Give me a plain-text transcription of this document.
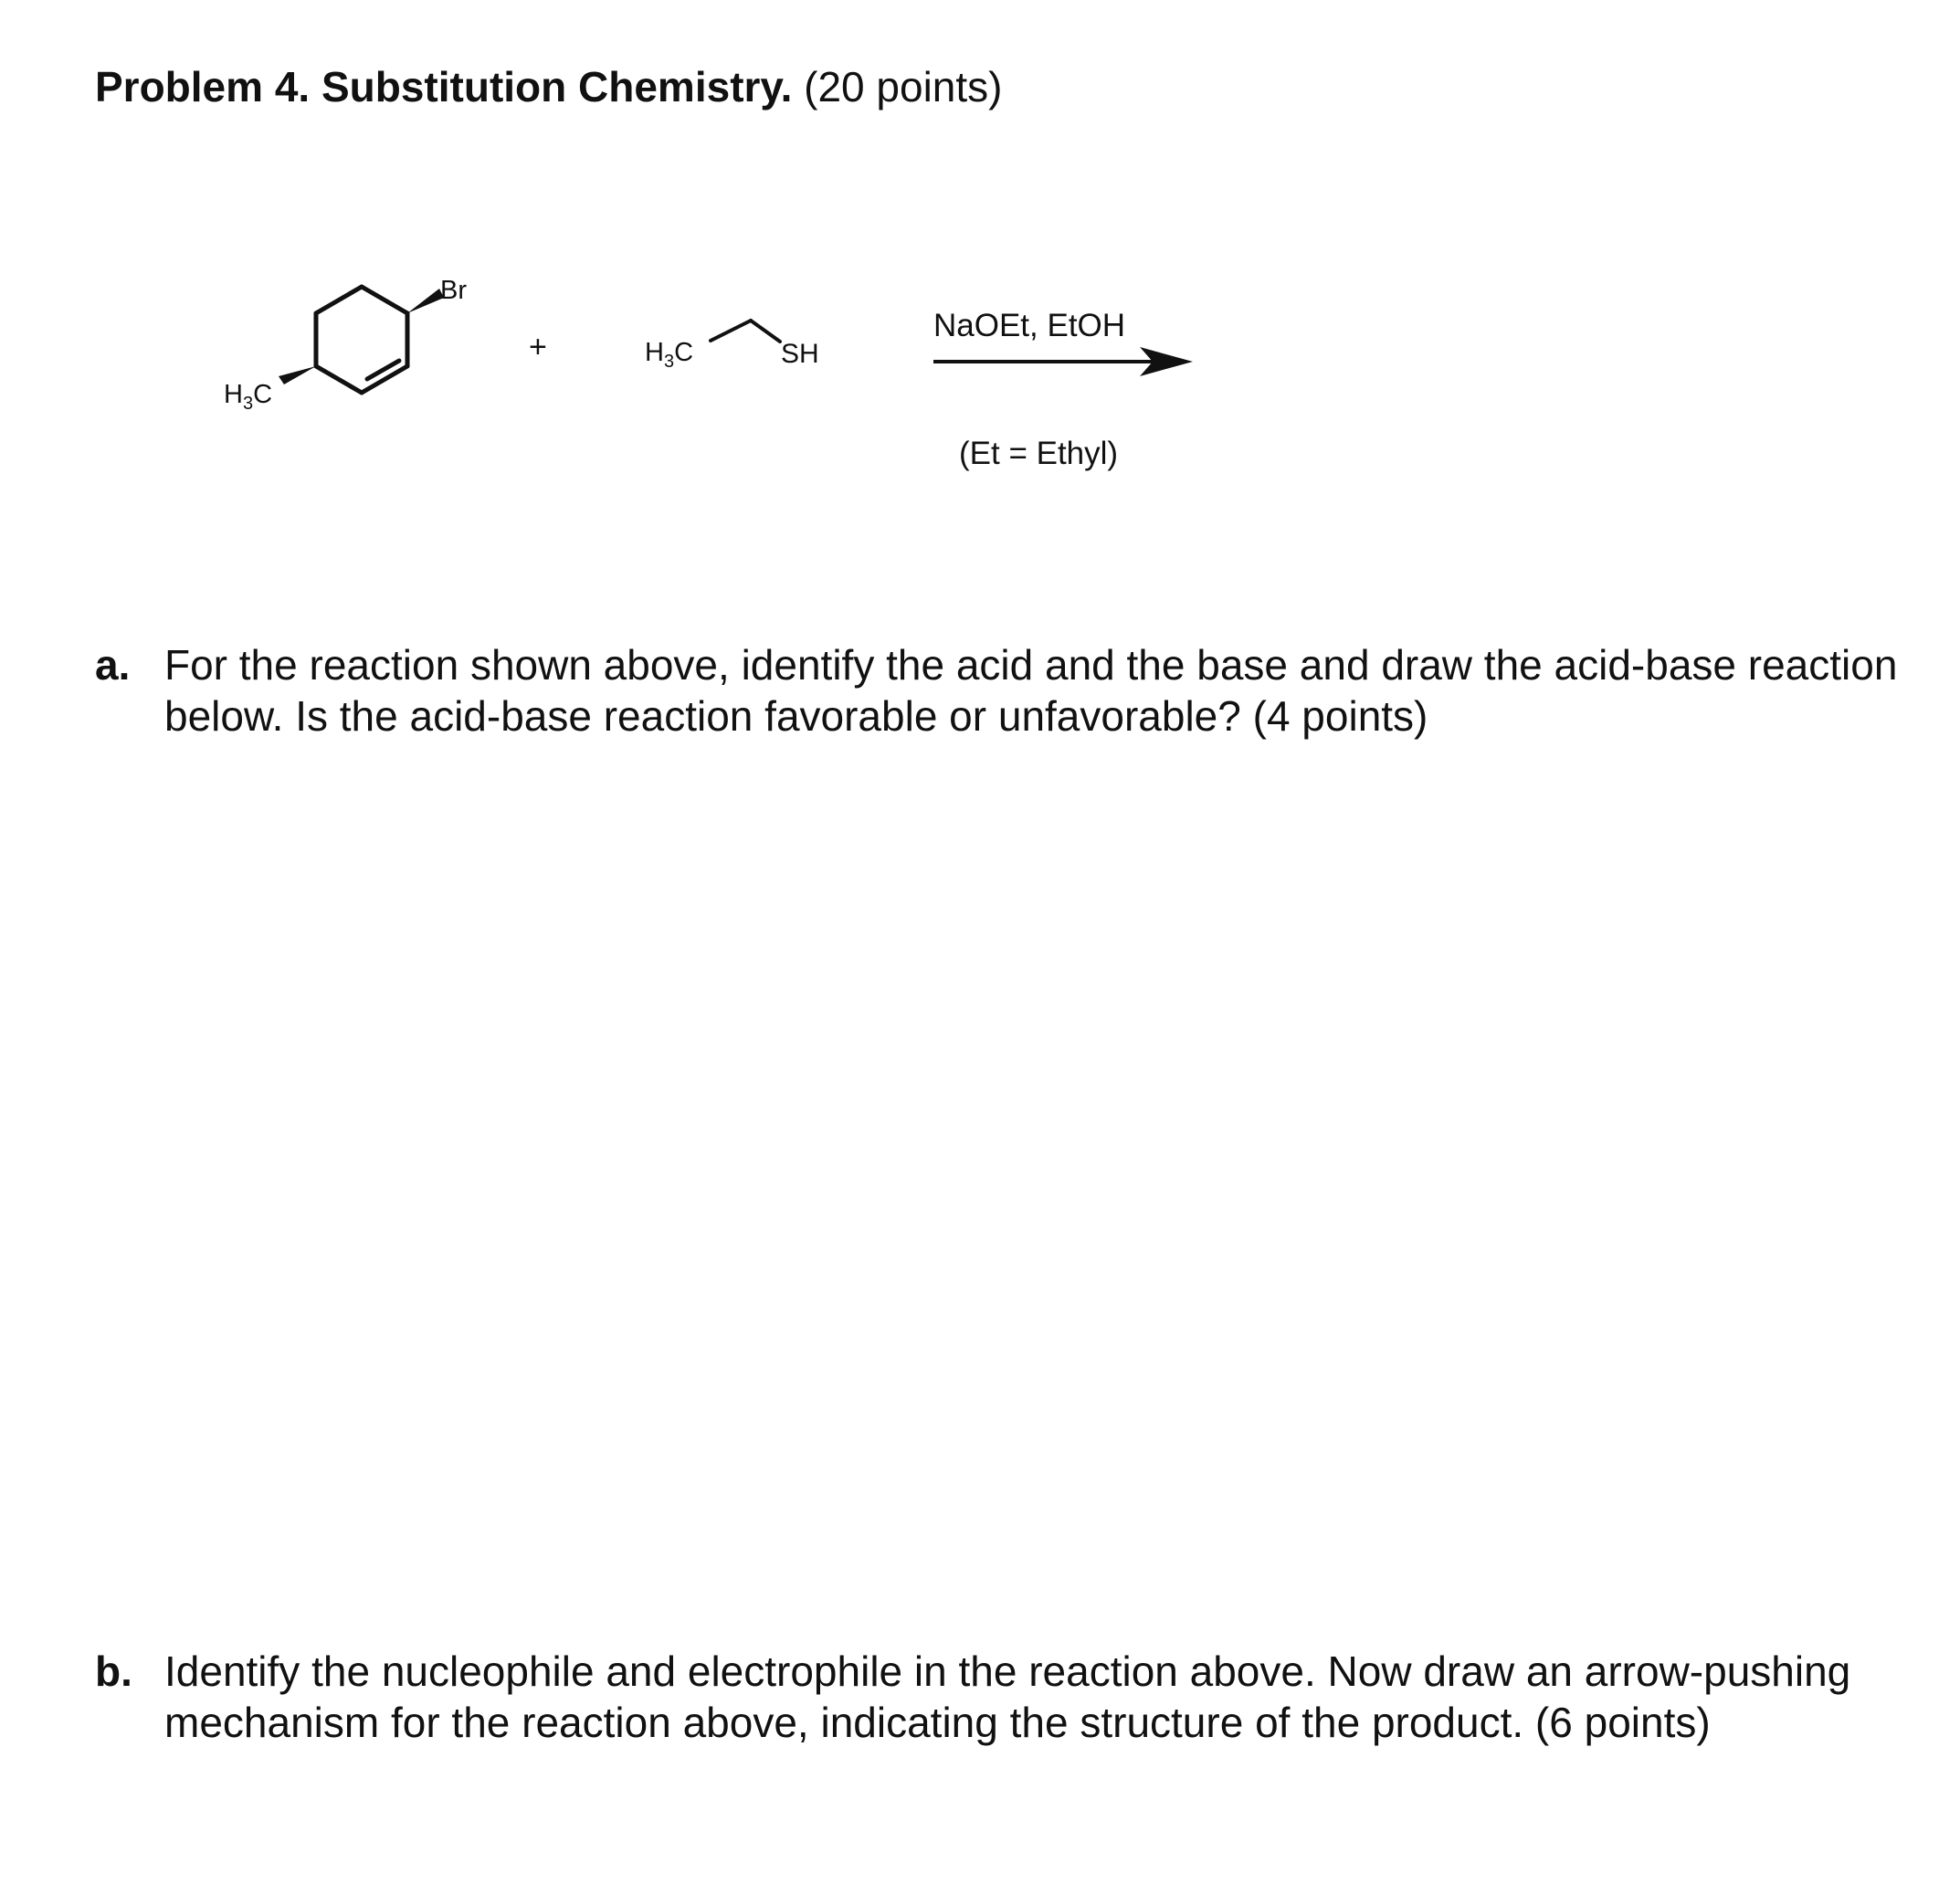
Problem 4. Substitution Chemistry. (20 points)
Br
$H_3C$
+	$H_3C$	SH
NaOEt, EtOH
(Et = Ethyl)
a. For the reaction shown above, identify the acid and the base and draw the acid-base reaction below. Is the acid-base reaction favorable or unfavorable? (4 points)
b. Identify the nucleophile and electrophile in the reaction above. Now draw an arrow-pushing mechanism for the reaction above, indicating the structure of the product. (6 points)
